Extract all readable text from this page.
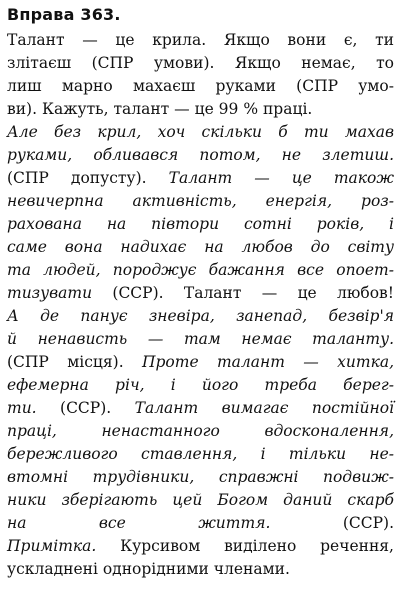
Вправа 363.
Талант — це крила. Якщо вони є, ти
злітаєш (СПР умови). Якщо немає, то
лиш марно махаєш руками (СПР умо-
ви). Кажуть, талант — це 99 % праці.
Але без крил, хоч скільки б ти махав
руками, обливався потом, не злетиш.
(СПР допусту). Талант — це також
невичерпна активність, енергія, роз-
рахована на півтори сотні років, і
саме вона надихає на любов до світу
та людей, породжує бажання все опоет-
тизувати (ССР). Талант — це любов!
А де панує зневіра, занепад, безвір'я
й ненависть — там немає таланту.
(СПР місця). Проте талант — хитка,
ефемерна річ, і його треба берег-
ти. (ССР). Талант вимагає постійної
праці, ненастанного вдосконалення,
бережливого ставлення, і тільки не-
втомні трудівники, справжні подвиж-
ники зберігають цей Богом даний скарб
на все життя. (ССР).
Примітка. Курсивом виділено речення,
ускладнені однорідними членами.
